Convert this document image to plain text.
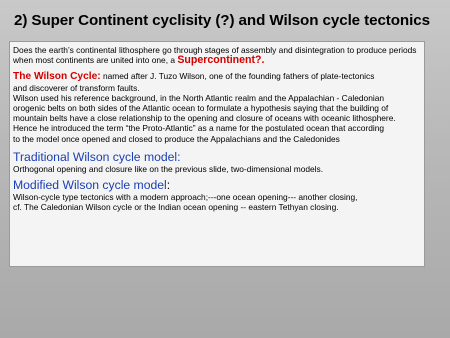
2) Super Continent cyclisity (?) and Wilson cycle tectonics

Does the earth’s continental lithosphere go through stages of assembly and disintegration to produce periods when most continents are united into one, a Supercontinent?.

The Wilson Cycle: named after J. Tuzo Wilson, one of the founding fathers of plate-tectonics
and discoverer of transform faults.
Wilson used his reference background, in the North Atlantic realm and the Appalachian - Caledonian
orogenic belts on both sides of the Atlantic ocean to formulate a hypothesis saying that the building of
mountain belts have a close relationship to the opening and closure of oceans with oceanic lithosphere.
Hence he introduced the term “the Proto-Atlantic” as a name for the postulated ocean that according
to the model once opened and closed to produce the Appalachians and the Caledonides

Traditional Wilson cycle model:

Orthogonal opening and closure like on the previous slide, two-dimensional models.

Modified Wilson cycle model:

Wilson-cycle type tectonics with a modern approach;---one ocean opening--- another closing,
cf. The Caledonian Wilson cycle or the Indian ocean opening -- eastern Tethyan closing.
